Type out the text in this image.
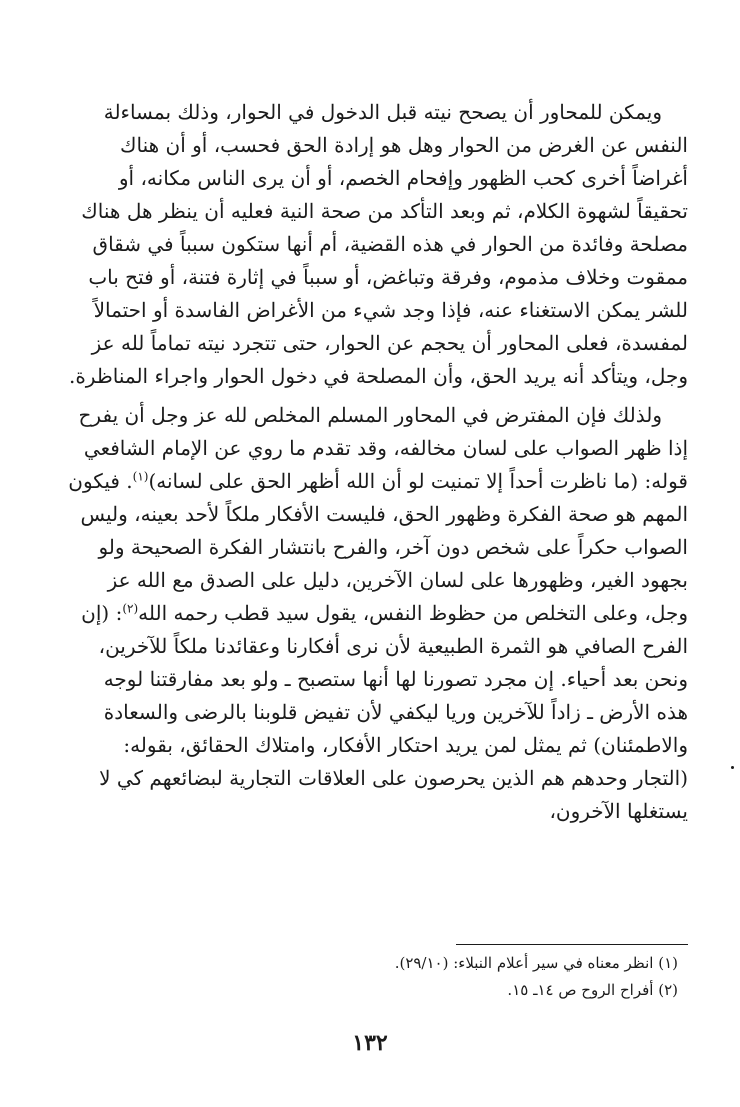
ويمكن للمحاور أن يصحح نيته قبل الدخول في الحوار، وذلك بمساءلة النفس عن الغرض من الحوار وهل هو إرادة الحق فحسب، أو أن هناك أغراضاً أخرى كحب الظهور وإفحام الخصم، أو أن يرى الناس مكانه، أو تحقيقاً لشهوة الكلام، ثم وبعد التأكد من صحة النية فعليه أن ينظر هل هناك مصلحة وفائدة من الحوار في هذه القضية، أم أنها ستكون سبباً في شقاق ممقوت وخلاف مذموم، وفرقة وتباغض، أو سبباً في إثارة فتنة، أو فتح باب للشر يمكن الاستغناء عنه، فإذا وجد شيء من الأغراض الفاسدة أو احتمالاً لمفسدة، فعلى المحاور أن يحجم عن الحوار، حتى تتجرد نيته تماماً لله عز وجل، ويتأكد أنه يريد الحق، وأن المصلحة في دخول الحوار واجراء المناظرة.

ولذلك فإن المفترض في المحاور المسلم المخلص لله عز وجل أن يفرح إذا ظهر الصواب على لسان مخالفه، وقد تقدم ما روي عن الإمام الشافعي قوله: (ما ناظرت أحداً إلا تمنيت لو أن الله أظهر الحق على لسانه)$^{(١)}$. فيكون المهم هو صحة الفكرة وظهور الحق، فليست الأفكار ملكاً لأحد بعينه، وليس الصواب حكراً على شخص دون آخر، والفرح بانتشار الفكرة الصحيحة ولو بجهود الغير، وظهورها على لسان الآخرين، دليل على الصدق مع الله عز وجل، وعلى التخلص من حظوظ النفس، يقول سيد قطب رحمه الله$^{(٢)}$: (إن الفرح الصافي هو الثمرة الطبيعية لأن نرى أفكارنا وعقائدنا ملكاً للآخرين، ونحن بعد أحياء. إن مجرد تصورنا لها أنها ستصبح ـ ولو بعد مفارقتنا لوجه هذه الأرض ـ زاداً للآخرين وريا ليكفي لأن تفيض قلوبنا بالرضى والسعادة والاطمئنان) ثم يمثل لمن يريد احتكار الأفكار، وامتلاك الحقائق، بقوله: (التجار وحدهم هم الذين يحرصون على العلاقات التجارية لبضائعهم كي لا يستغلها الآخرون،

(١) انظر معناه في سير أعلام النبلاء: (٢٩/١٠).

(٢) أفراح الروح ص ١٤ـ ١٥.

١٣٢
